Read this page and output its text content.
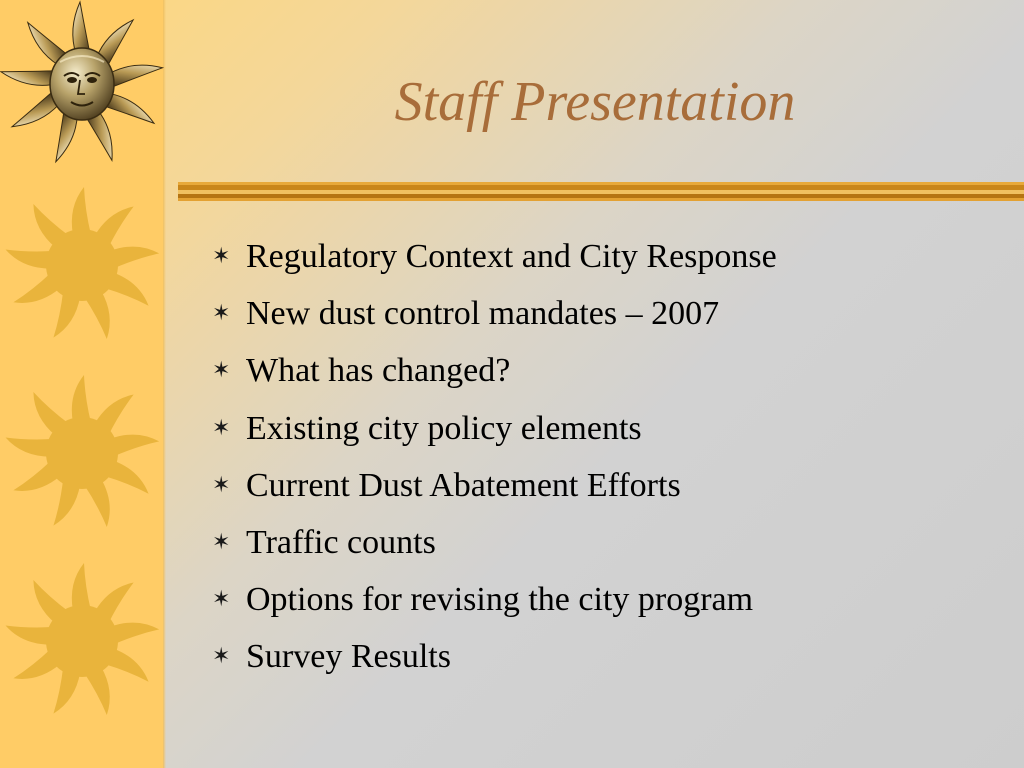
Staff Presentation
✶ Regulatory Context and City Response
✶ New dust control mandates – 2007
✶ What has changed?
✶ Existing city policy elements
✶ Current Dust Abatement Efforts
✶ Traffic counts
✶ Options for revising the city program
✶ Survey Results
